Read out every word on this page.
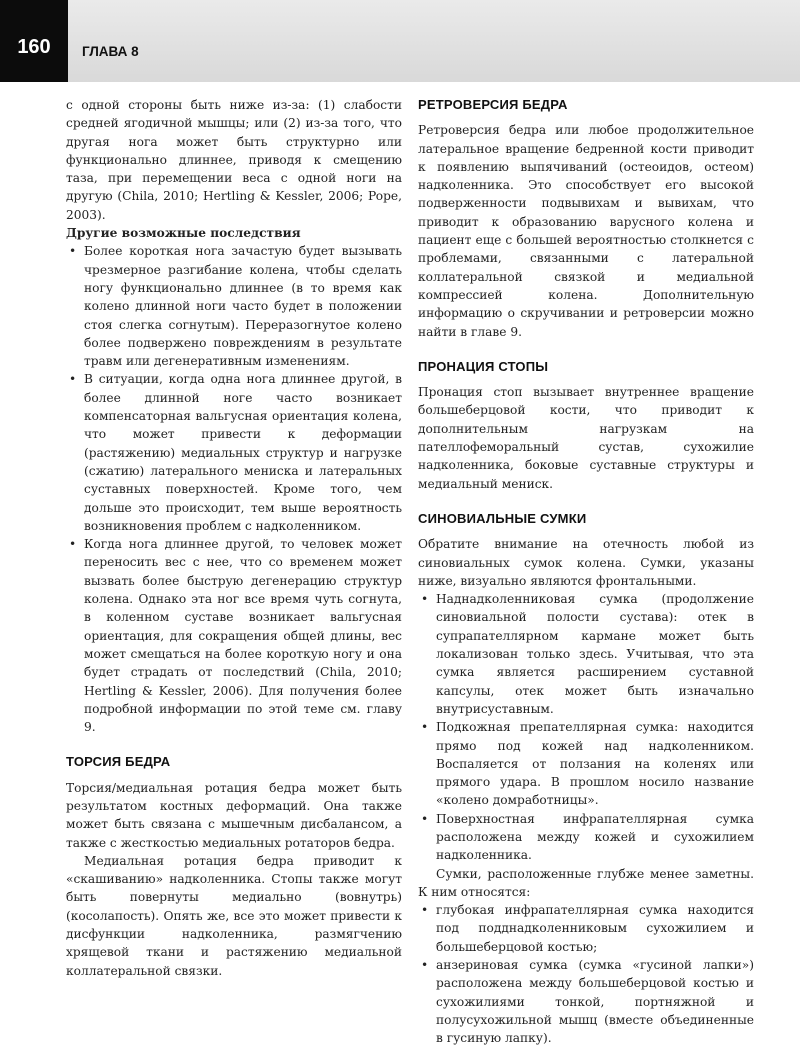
160	ГЛАВА 8

с одной стороны быть ниже из-за: (1) слабости средней ягодичной мышцы; или (2) из-за того, что другая нога может быть структурно или функционально длиннее, приводя к смещению таза, при перемещении веса с одной ноги на другую (Chila, 2010; Hertling & Kessler, 2006; Pope, 2003).

Другие возможные последствия

• Более короткая нога зачастую будет вызывать чрезмерное разгибание колена, чтобы сделать ногу функционально длиннее (в то время как колено длинной ноги часто будет в положении стоя слегка согнутым). Переразогнутое колено более подвержено повреждениям в результате травм или дегенеративным изменениям.
• В ситуации, когда одна нога длиннее другой, в более длинной ноге часто возникает компенсаторная вальгусная ориентация колена, что может привести к деформации (растяжению) медиальных структур и нагрузке (сжатию) латерального мениска и латеральных суставных поверхностей. Кроме того, чем дольше это происходит, тем выше вероятность возникновения проблем с надколенником.
• Когда нога длиннее другой, то человек может переносить вес с нее, что со временем может вызвать более быструю дегенерацию структур колена. Однако эта ног все время чуть согнута, в коленном суставе возникает вальгусная ориентация, для сокращения общей длины, вес может смещаться на более короткую ногу и она будет страдать от последствий (Chila, 2010; Hertling & Kessler, 2006). Для получения более подробной информации по этой теме см. главу 9.
ТОРСИЯ БЕДРА

Торсия/медиальная ротация бедра может быть результатом костных деформаций. Она также может быть связана с мышечным дисбалансом, а также с жесткостью медиальных ротаторов бедра.

Медиальная ротация бедра приводит к «скашиванию» надколенника. Стопы также могут быть повернуты медиально (вовнутрь) (косолапость). Опять же, все это может привести к дисфункции надколенника, размягчению хрящевой ткани и растяжению медиальной коллатеральной связки.

РЕТРОВЕРСИЯ БЕДРА

Ретроверсия бедра или любое продолжительное латеральное вращение бедренной кости приводит к появлению выпячиваний (остеоидов, остеом) надколенника. Это способствует его высокой подверженности подвывихам и вывихам, что приводит к образованию варусного колена и пациент еще с большей вероятностью столкнется с проблемами, связанными с латеральной коллатеральной связкой и медиальной компрессией колена. Дополнительную информацию о скручивании и ретроверсии можно найти в главе 9.

ПРОНАЦИЯ СТОПЫ

Пронация стоп вызывает внутреннее вращение большеберцовой кости, что приводит к дополнительным нагрузкам на пателлофеморальный сустав, сухожилие надколенника, боковые суставные структуры и медиальный мениск.

СИНОВИАЛЬНЫЕ СУМКИ

Обратите внимание на отечность любой из синовиальных сумок колена. Сумки, указаны ниже, визуально являются фронтальными.

• Наднадколенниковая сумка (продолжение синовиальной полости сустава): отек в супрапателлярном кармане может быть локализован только здесь. Учитывая, что эта сумка является расширением суставной капсулы, отек может быть изначально внутрисуставным.
• Подкожная препателлярная сумка: находится прямо под кожей над надколенником. Воспаляется от ползания на коленях или прямого удара. В прошлом носило название «колено домработницы».
• Поверхностная инфрапателлярная сумка расположена между кожей и сухожилием надколенника.

Сумки, расположенные глубже менее заметны. К ним относятся:

• глубокая инфрапателлярная сумка находится под подднадколенниковым сухожилием и большеберцовой костью;
• анзериновая сумка (сумка «гусиной лапки») расположена между большеберцовой костью и сухожилиями тонкой, портняжной и полусухожильной мышц (вместе объединенные в гусиную лапку).
